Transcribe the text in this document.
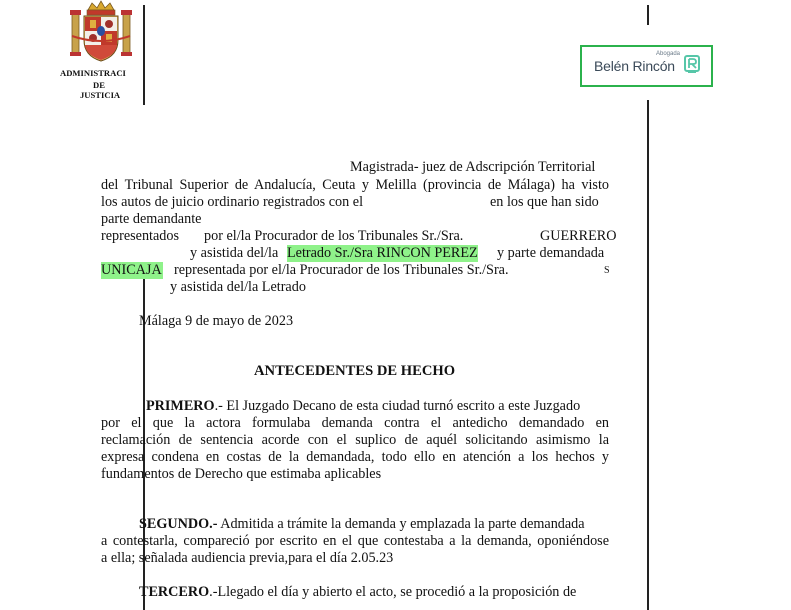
ADMINISTRACI
DE
JUSTICIA
Abogada
Belén Rincón
Magistrada- juez de Adscripción Territorial
del Tribunal Superior de Andalucía, Ceuta y Melilla (provincia de Málaga) ha visto
los autos de juicio ordinario registrados con el	en los que han sido
parte demandante
representados por el/la Procurador de los Tribunales Sr./Sra.	GUERRERO
y asistida del/la Letrado Sr./Sra RINCON PEREZ y parte demandada
UNICAJA representada por el/la Procurador de los Tribunales Sr./Sra.	S
y asistida del/la Letrado
Málaga 9 de mayo de 2023
ANTECEDENTES DE HECHO
PRIMERO.- El Juzgado Decano de esta ciudad turnó escrito a este Juzgado
por el que la actora formulaba demanda contra el antedicho demandado en
reclamación de sentencia acorde con el suplico de aquél solicitando asimismo la
expresa condena en costas de la demandada, todo ello en atención a los hechos y
fundamentos de Derecho que estimaba aplicables
SEGUNDO.- Admitida a trámite la demanda y emplazada la parte demandada
a contestarla, compareció por escrito en el que contestaba a la demanda, oponiéndose
a ella; señalada audiencia previa,para el día 2.05.23
TERCERO.-Llegado el día y abierto el acto, se procedió a la proposición de
